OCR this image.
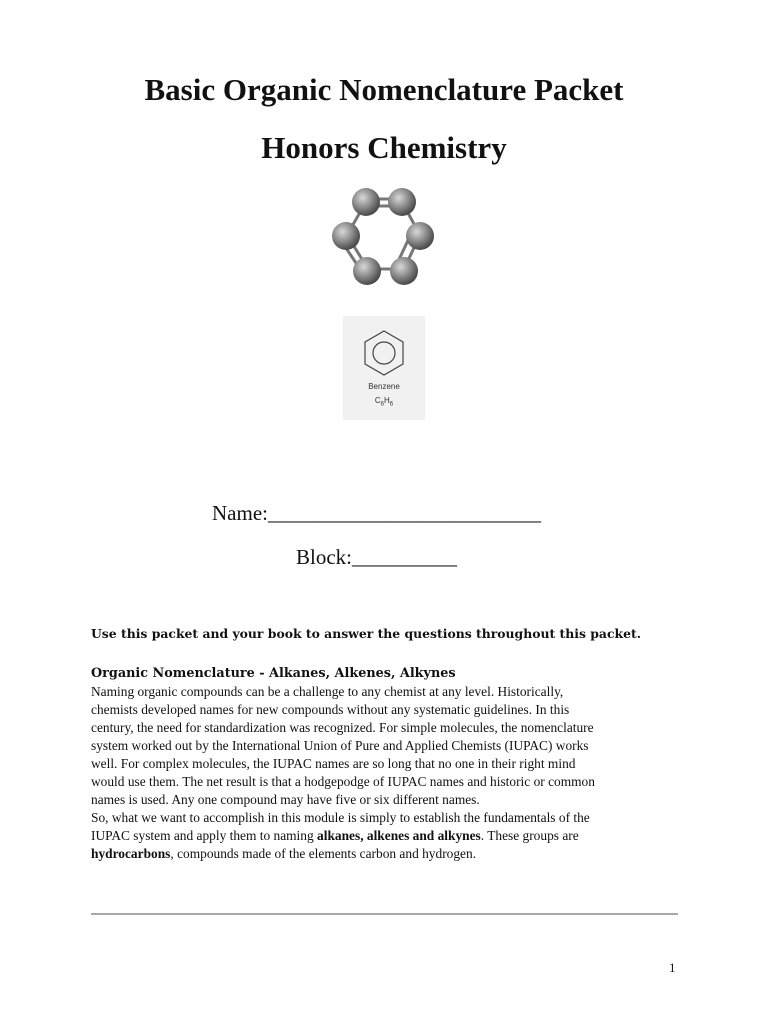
Basic Organic Nomenclature Packet
Honors Chemistry
Benzene
$C_6H_6$
Name:__________________________
Block:__________
Use this packet and your book to answer the questions throughout this packet.
Organic Nomenclature - Alkanes, Alkenes, Alkynes
Naming organic compounds can be a challenge to any chemist at any level. Historically,
chemists developed names for new compounds without any systematic guidelines. In this
century, the need for standardization was recognized. For simple molecules, the nomenclature
system worked out by the International Union of Pure and Applied Chemists (IUPAC) works
well. For complex molecules, the IUPAC names are so long that no one in their right mind
would use them. The net result is that a hodgepodge of IUPAC names and historic or common
names is used. Any one compound may have five or six different names.
So, what we want to accomplish in this module is simply to establish the fundamentals of the
IUPAC system and apply them to naming alkanes, alkenes and alkynes. These groups are
hydrocarbons, compounds made of the elements carbon and hydrogen.
1
